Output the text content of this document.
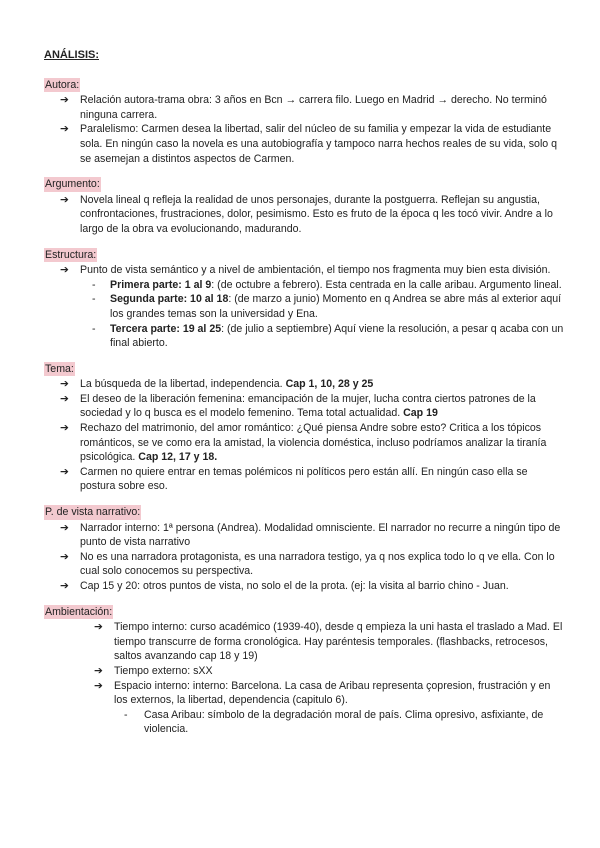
ANÁLISIS:
Autora:
➔ Relación autora-trama obra: 3 años en Bcn → carrera filo. Luego en Madrid → derecho. No terminó ninguna carrera.
➔ Paralelismo: Carmen desea la libertad, salir del núcleo de su familia y empezar la vida de estudiante sola. En ningún caso la novela es una autobiografía y tampoco narra hechos reales de su vida, solo q se asemejan a distintos aspectos de Carmen.
Argumento:
➔ Novela lineal q refleja la realidad de unos personajes, durante la postguerra. Reflejan su angustia, confrontaciones, frustraciones, dolor, pesimismo. Esto es fruto de la época q les tocó vivir. Andre a lo largo de la obra va evolucionando, madurando.
Estructura:
➔ Punto de vista semántico y a nivel de ambientación, el tiempo nos fragmenta muy bien esta división.
- Primera parte: 1 al 9: (de octubre a febrero). Esta centrada en la calle aribau. Argumento lineal.
- Segunda parte: 10 al 18: (de marzo a junio) Momento en q Andrea se abre más al exterior aquí los grandes temas son la universidad y Ena.
- Tercera parte: 19 al 25: (de julio a septiembre) Aquí viene la resolución, a pesar q acaba con un final abierto.
Tema:
➔ La búsqueda de la libertad, independencia. Cap 1, 10, 28 y 25
➔ El deseo de la liberación femenina: emancipación de la mujer, lucha contra ciertos patrones de la sociedad y lo q busca es el modelo femenino. Tema total actualidad. Cap 19
➔ Rechazo del matrimonio, del amor romántico: ¿Qué piensa Andre sobre esto? Critica a los tópicos románticos, se ve como era la amistad, la violencia doméstica, incluso podríamos analizar la tiranía psicológica. Cap 12, 17 y 18.
➔ Carmen no quiere entrar en temas polémicos ni políticos pero están allí. En ningún caso ella se postura sobre eso.
P. de vista narrativo:
➔ Narrador interno: 1ª persona (Andrea). Modalidad omnisciente. El narrador no recurre a ningún tipo de punto de vista narrativo
➔ No es una narradora protagonista, es una narradora testigo, ya q nos explica todo lo q ve ella. Con lo cual solo conocemos su perspectiva.
➔ Cap 15 y 20: otros puntos de vista, no solo el de la prota. (ej: la visita al barrio chino - Juan.
Ambientación:
➔ Tiempo interno: curso académico (1939-40), desde q empieza la uni hasta el traslado a Mad. El tiempo transcurre de forma cronológica. Hay paréntesis temporales. (flashbacks, retrocesos, saltos avanzando cap 18 y 19)
➔ Tiempo externo: sXX
➔ Espacio interno: interno: Barcelona. La casa de Aribau representa çopresion, frustración y en los externos, la libertad, dependencia (capitulo 6).
- Casa Aribau: símbolo de la degradación moral de país. Clima opresivo, asfixiante, de violencia.
